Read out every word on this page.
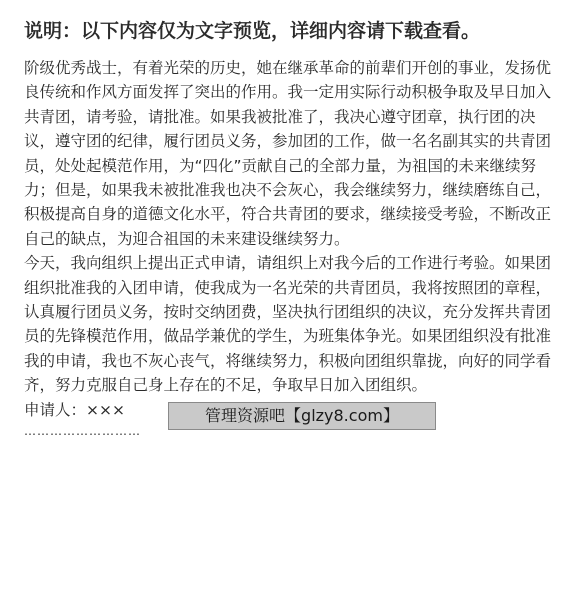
说明：以下内容仅为文字预览，详细内容请下载查看。

阶级优秀战士，有着光荣的历史，她在继承革命的前辈们开创的事业，发扬优良传统和作风方面发挥了突出的作用。我一定用实际行动积极争取及早日加入共青团，请考验，请批准。如果我被批准了，我决心遵守团章，执行团的决议，遵守团的纪律，履行团员义务，参加团的工作，做一名名副其实的共青团员，处处起模范作用，为“四化”贡献自己的全部力量，为祖国的未来继续努力；但是，如果我未被批准我也决不会灰心，我会继续努力，继续磨练自己，积极提高自身的道德文化水平，符合共青团的要求，继续接受考验，不断改正自己的缺点，为迎合祖国的未来建设继续努力。

今天，我向组织上提出正式申请，请组织上对我今后的工作进行考验。如果团组织批准我的入团申请，使我成为一名光荣的共青团员，我将按照团的章程，认真履行团员义务，按时交纳团费，坚决执行团组织的决议，充分发挥共青团员的先锋模范作用，做品学兼优的学生，为班集体争光。如果团组织没有批准我的申请，我也不灰心丧气，将继续努力，积极向团组织靠拢，向好的同学看齐，努力克服自己身上存在的不足，争取早日加入团组织。

申请人：×××

………………………

管理资源吧【glzy8.com】
